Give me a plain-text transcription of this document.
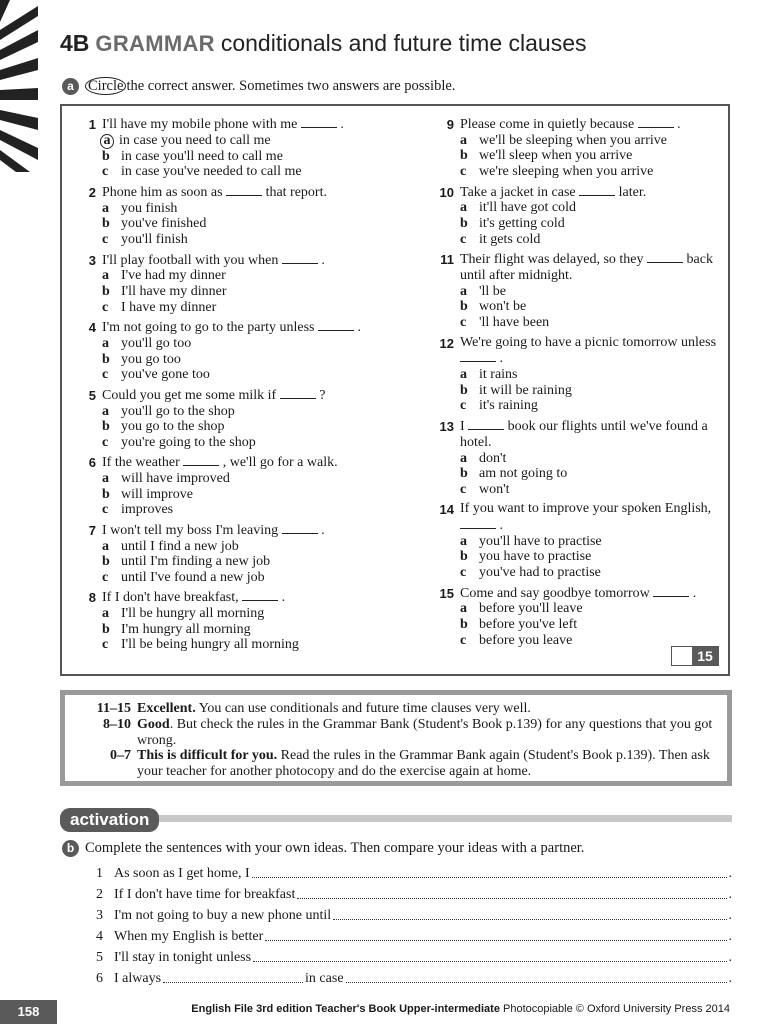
4B GRAMMAR conditionals and future time clauses
a Circle the correct answer. Sometimes two answers are possible.
1 I'll have my mobile phone with me	.
a in case you need to call me
b in case you'll need to call me
c in case you've needed to call me
2 Phone him as soon as	that report.
a you finish
b you've finished
c you'll finish
3 I'll play football with you when	.
a I've had my dinner
b I'll have my dinner
c I have my dinner
4 I'm not going to go to the party unless	.
a you'll go too
b you go too
c you've gone too
5 Could you get me some milk if	?
a you'll go to the shop
b you go to the shop
c you're going to the shop
6 If the weather	, we'll go for a walk.
a will have improved
b will improve
c improves
7 I won't tell my boss I'm leaving	.
a until I find a new job
b until I'm finding a new job
c until I've found a new job
8 If I don't have breakfast,	.
a I'll be hungry all morning
b I'm hungry all morning
c I'll be being hungry all morning
9 Please come in quietly because	.
a we'll be sleeping when you arrive
b we'll sleep when you arrive
c we're sleeping when you arrive
10 Take a jacket in case	later.
a it'll have got cold
b it's getting cold
c it gets cold
11 Their flight was delayed, so they	back until after midnight.
a 'll be
b won't be
c 'll have been
12 We're going to have a picnic tomorrow unless  .
a it rains
b it will be raining
c it's raining
13 I	book our flights until we've found a hotel.
a don't
b am not going to
c won't
14 If you want to improve your spoken English,  .
a you'll have to practise
b you have to practise
c you've had to practise
15 Come and say goodbye tomorrow	.
a before you'll leave
b before you've left
c before you leave
15
11–15 Excellent. You can use conditionals and future time clauses very well.
8–10 Good. But check the rules in the Grammar Bank (Student's Book p.139) for any questions that you got wrong.
0–7 This is difficult for you. Read the rules in the Grammar Bank again (Student's Book p.139). Then ask your teacher for another photocopy and do the exercise again at home.
activation
b Complete the sentences with your own ideas. Then compare your ideas with a partner.
1 As soon as I get home, I	.
2 If I don't have time for breakfast	.
3 I'm not going to buy a new phone until	.
4 When my English is better	.
5 I'll stay in tonight unless	.
6 I always	in case	.
158	English File 3rd edition Teacher's Book Upper-intermediate Photocopiable © Oxford University Press 2014
